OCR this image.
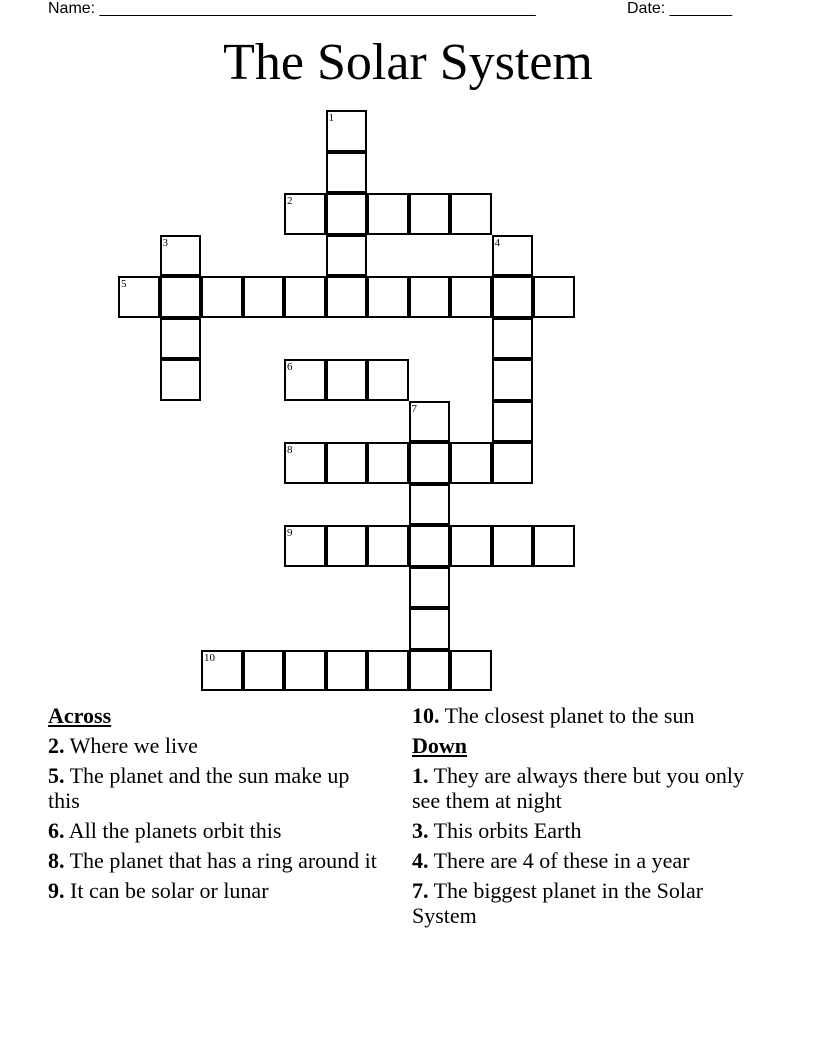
Name: _________________________________________________	Date: _______
The Solar System
1
2
3	4
5
6
7
8
9
10
Across
2. Where we live
5. The planet and the sun make up this
6. All the planets orbit this
8. The planet that has a ring around it
9. It can be solar or lunar
10. The closest planet to the sun
Down
1. They are always there but you only see them at night
3. This orbits Earth
4. There are 4 of these in a year
7. The biggest planet in the Solar System
